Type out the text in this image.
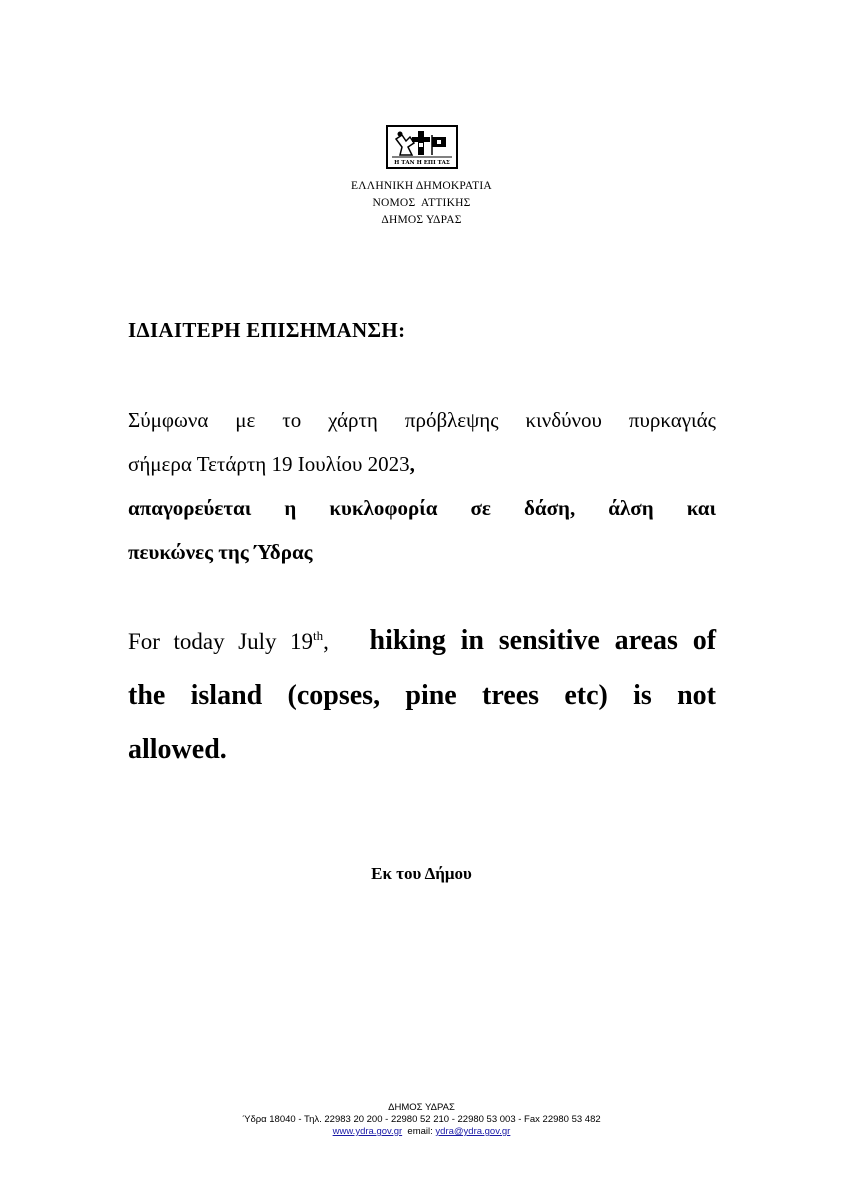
Η ΤΑΝ Η ΕΠΙ ΤΑΣ
ΕΛΛΗΝΙΚΗ ΔΗΜΟΚΡΑΤΙΑ
ΝΟΜΟΣ  ΑΤΤΙΚΗΣ
ΔΗΜΟΣ ΥΔΡΑΣ
ΙΔΙΑΙΤΕΡΗ ΕΠΙΣΗΜΑΝΣΗ:
Σύμφωνα με το χάρτη πρόβλεψης κινδύνου πυρκαγιάς
σήμερα Τετάρτη 19 Ιουλίου 2023,
απαγορεύεται η κυκλοφορία σε δάση, άλση και
πευκώνες της Ύδρας
For today July 19th, hiking in sensitive areas of
the island (copses, pine trees etc) is not
allowed.
Εκ του Δήμου
ΔΗΜΟΣ ΥΔΡΑΣ
Ύδρα 18040 - Τηλ. 22983 20 200 - 22980 52 210 - 22980 53 003 - Fax 22980 53 482
www.ydra.gov.gr email: ydra@ydra.gov.gr
